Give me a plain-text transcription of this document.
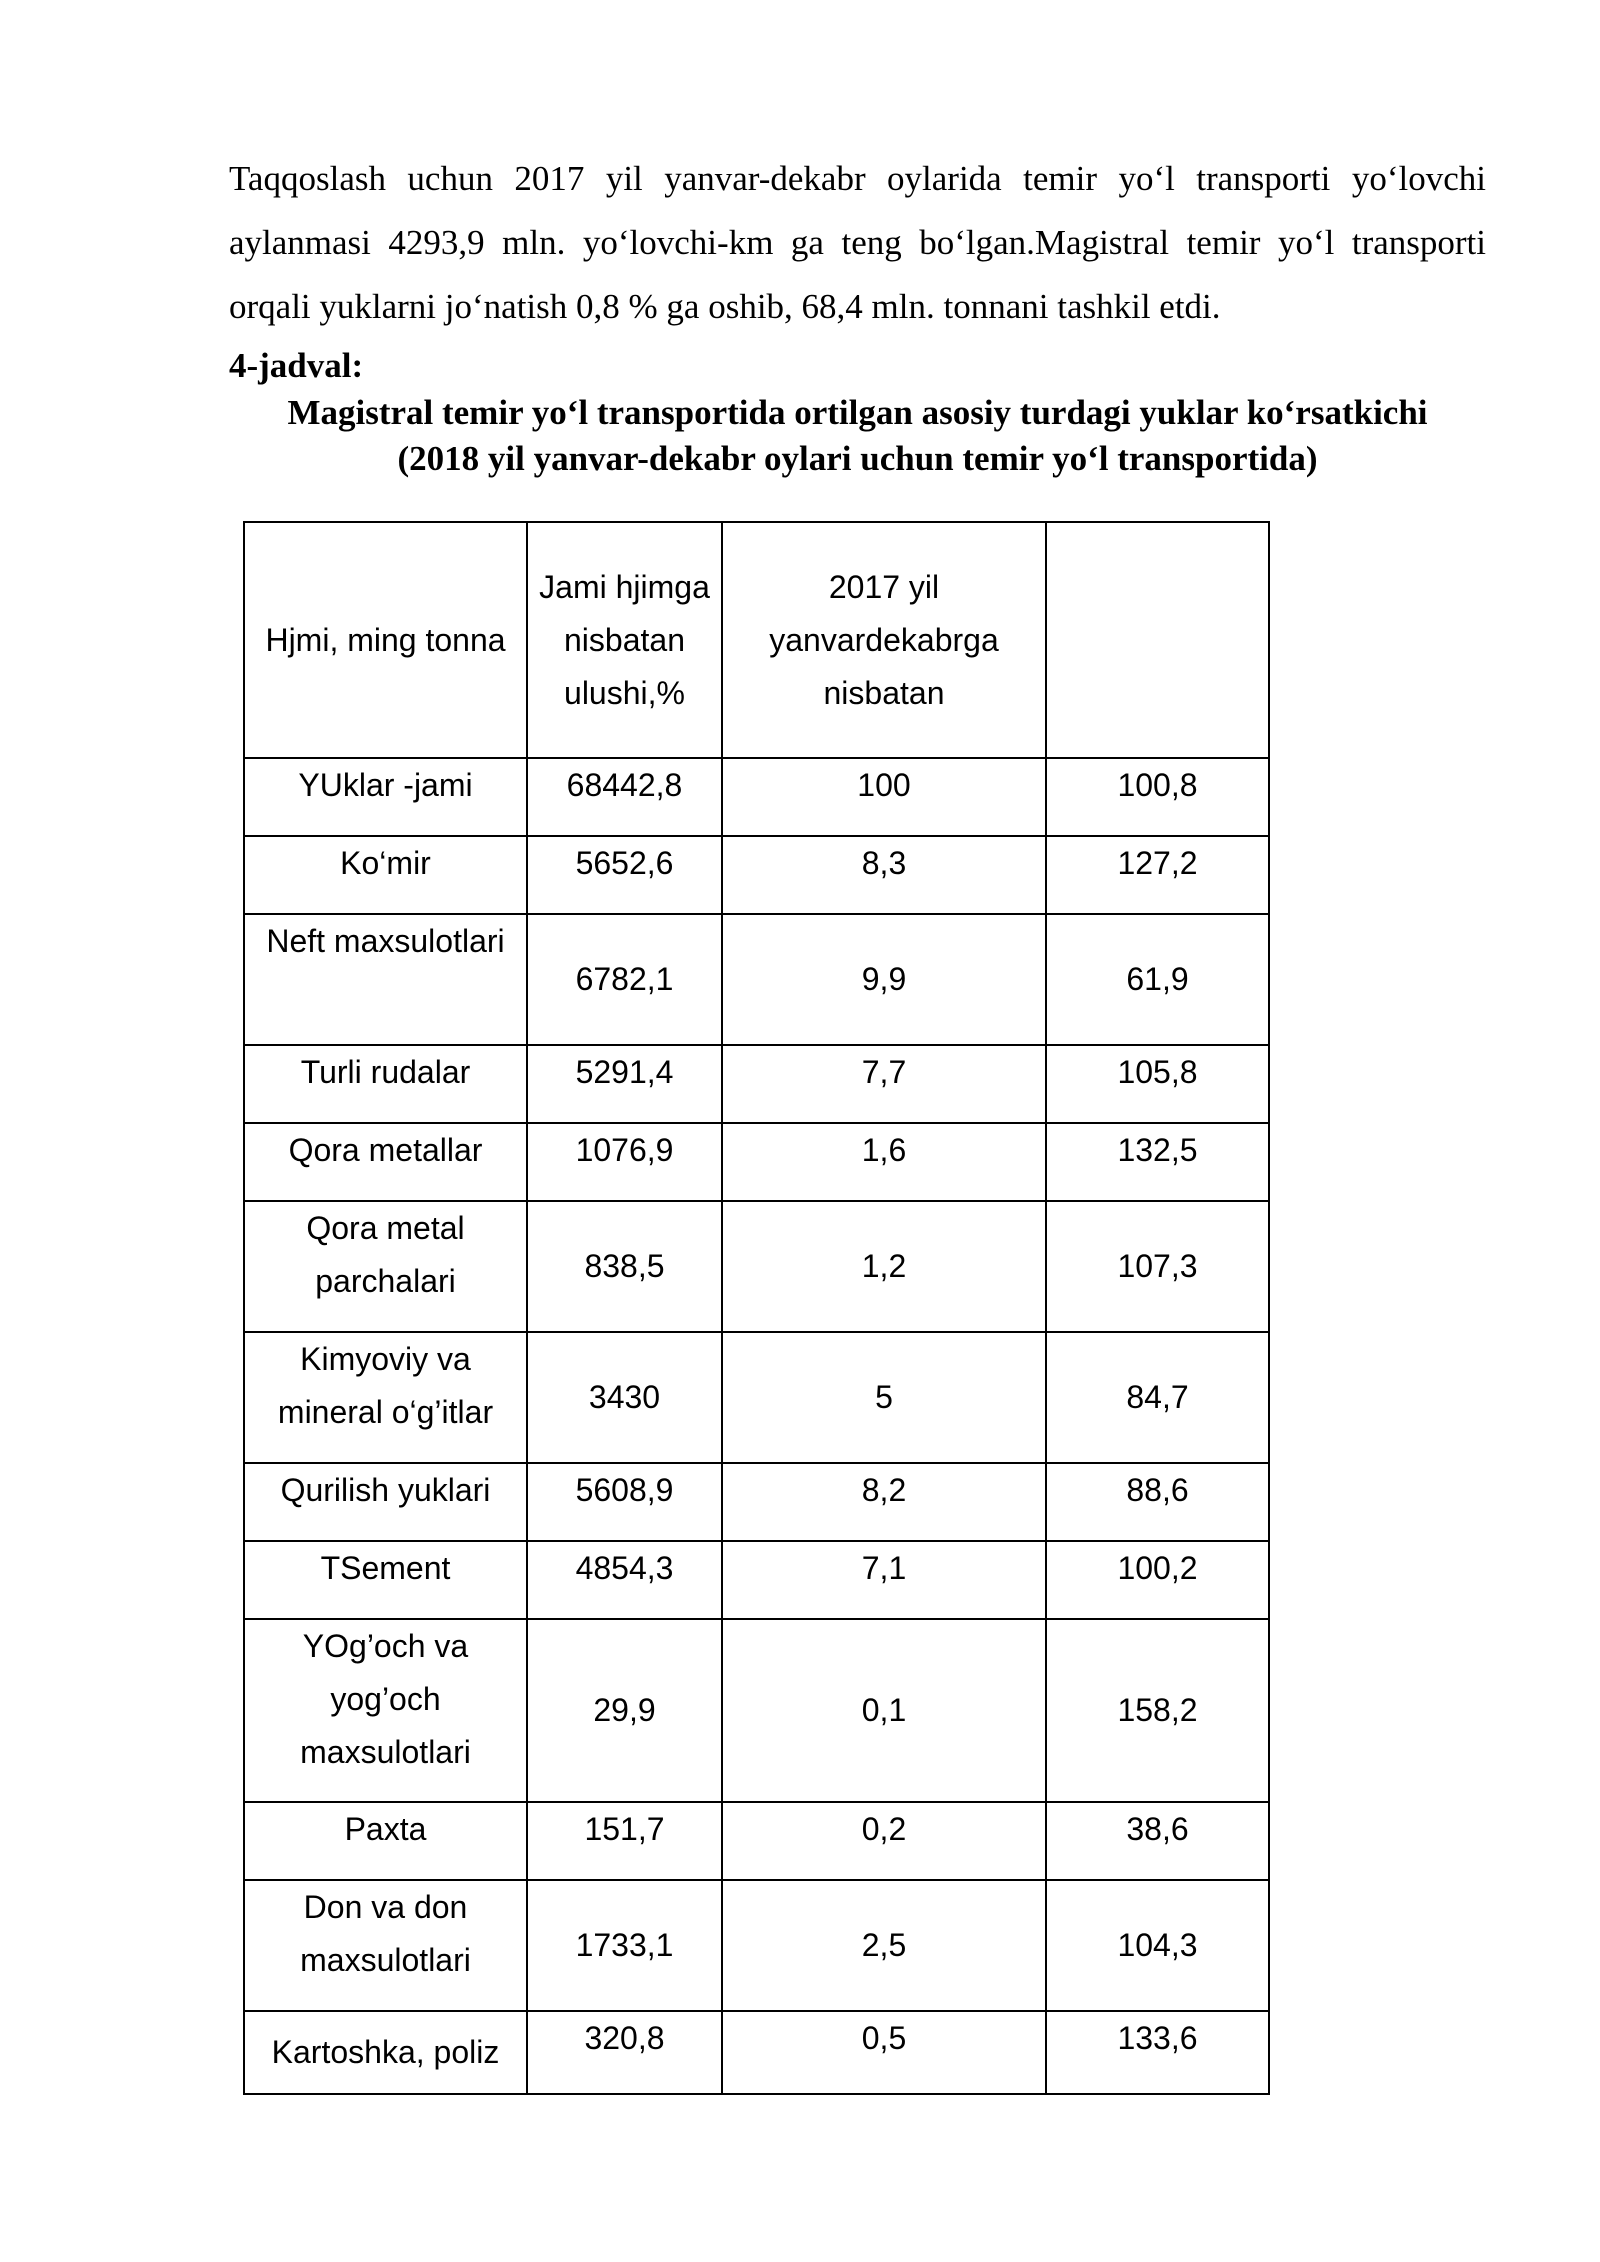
Taqqoslash uchun 2017 yil yanvar-dekabr oylarida temir yo‘l transporti yo‘lovchi aylanmasi 4293,9 mln. yo‘lovchi-km ga teng bo‘lgan.Magistral temir yo‘l transporti orqali yuklarni jo‘natish 0,8 % ga oshib, 68,4 mln. tonnani tashkil etdi.

4-jadval:

Magistral temir yo‘l transportida ortilgan asosiy turdagi yuklar ko‘rsatkichi
(2018 yil yanvar-dekabr oylari uchun temir yo‘l transportida)

Hjmi, ming tonna	Jami hjimga nisbatan ulushi,%	2017 yil yanvardekabrga nisbatan	
YUklar -jami	68442,8	100	100,8
Ko‘mir	5652,6	8,3	127,2
Neft maxsulotlari	6782,1	9,9	61,9
Turli rudalar	5291,4	7,7	105,8
Qora metallar	1076,9	1,6	132,5
Qora metal parchalari	838,5	1,2	107,3
Kimyoviy va mineral o‘g’itlar	3430	5	84,7
Qurilish yuklari	5608,9	8,2	88,6
TSement	4854,3	7,1	100,2
YOg’och va yog’och maxsulotlari	29,9	0,1	158,2
Paxta	151,7	0,2	38,6
Don va don maxsulotlari	1733,1	2,5	104,3
Kartoshka, poliz	320,8	0,5	133,6
